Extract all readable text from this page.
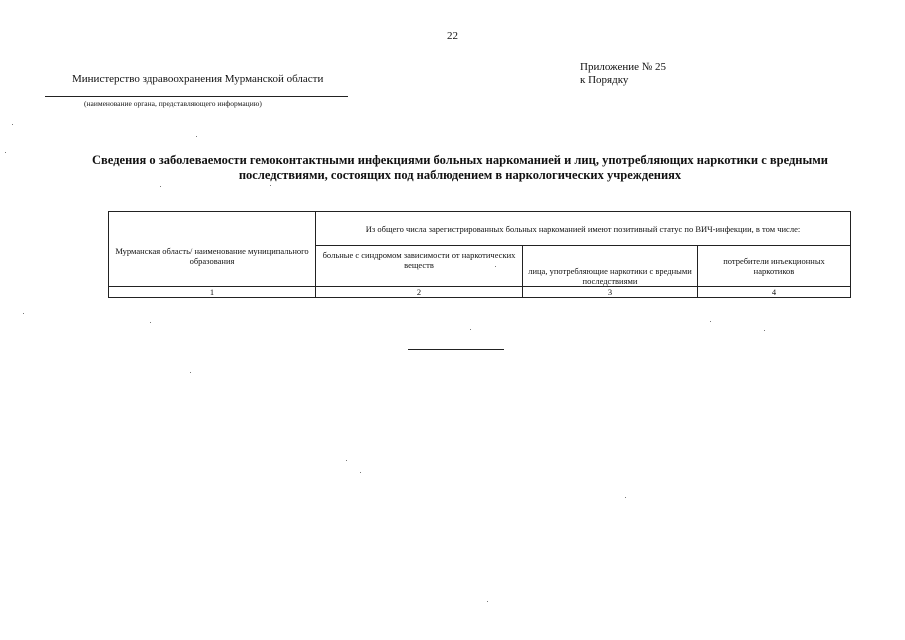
22
Приложение № 25
к Порядку
Министерство здравоохранения Мурманской области
(наименование органа, представляющего информацию)
Сведения о заболеваемости гемоконтактными инфекциями больных наркоманией и лиц, употребляющих наркотики с вредными
последствиями, состоящих под наблюдением в наркологических учреждениях
Мурманская область/ наименование муниципального образования	Из общего числа зарегистрированных больных наркоманией имеют позитивный статус по ВИЧ-инфекции, в том числе:		
	больные с синдромом зависимости от наркотических веществ	лица, употребляющие наркотики с вредными последствиями	потребители инъекционных наркотиков
1	2	3	4
